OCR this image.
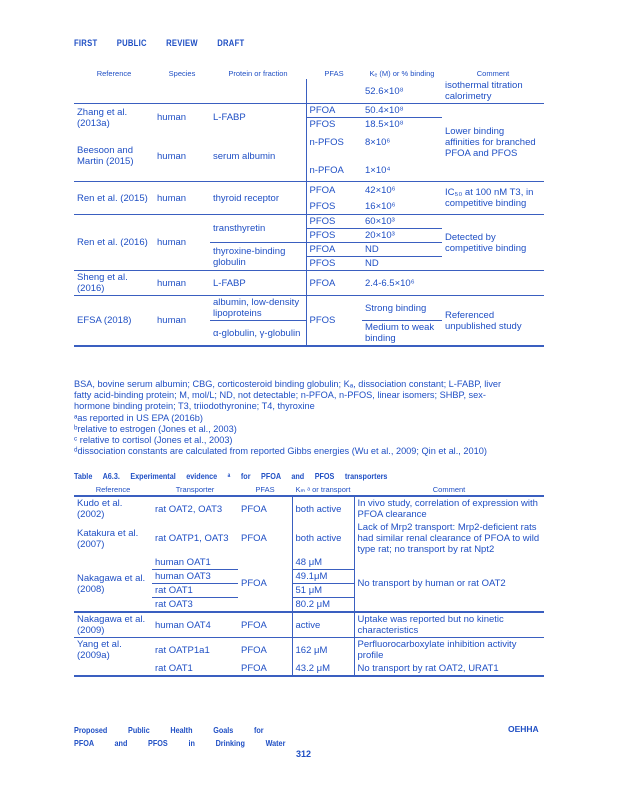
FIRST PUBLIC REVIEW DRAFT
Reference	Species	Protein or fraction	PFAS	Kₑ (M) or % binding	Comment
				52.6×10⁸	isothermal titration calorimetry
Zhang et al. (2013a)	human	L-FABP	PFOA	50.4×10⁸	Lower binding affinities for branched PFOA and PFOS
			PFOS	18.5×10⁸	
Beesoon and Martin (2015)	human	serum albumin	n-PFOS	8×10⁶	

			n-PFOA	1×10⁴	
Ren et al. (2015)	human	thyroid receptor	PFOA	42×10⁶	IC₅₀ at 100 nM T3, in competitive binding
			PFOS	16×10⁶	
Ren et al. (2016)	human	transthyretin	PFOS	60×10³	Detected by competitive binding
			PFOS	20×10³	
		thyroxine-binding globulin	PFOA	ND	
			PFOS	ND	
Sheng et al. (2016)	human	L-FABP	PFOA	2.4-6.5×10⁶	
EFSA (2018)	human	albumin, low-density lipoproteins	PFOS	Strong binding	Referenced unpublished study
		α-globulin, γ-globulin		Medium to weak binding	

BSA, bovine serum albumin; CBG, corticosteroid binding globulin; Kₐ, dissociation constant; L-FABP, liver
fatty acid-binding protein; M, mol/L; ND, not detectable; n-PFOA, n-PFOS, linear isomers; SHBP, sex-
hormone binding protein; T3, triiodothyronine; T4, thyroxine
ᵃas reported in US EPA (2016b)
ᵇrelative to estrogen (Jones et al., 2003)
ᶜ relative to cortisol (Jones et al., 2003)
ᵈdissociation constants are calculated from reported Gibbs energies (Wu et al., 2009; Qin et al., 2010)
Table A6.3. Experimental evidence ᵃ for PFOA and PFOS transporters
Reference	Transporter	PFAS	Kₘ ᵃ or transport	Comment
Kudo et al. (2002)	rat OAT2, OAT3	PFOA	both active	In vivo study, correlation of expression with PFOA clearance
Katakura et al. (2007)	rat OATP1, OAT3	PFOA	both active	Lack of Mrp2 transport: Mrp2-deficient rats had similar renal clearance of PFOA to wild type rat; no transport by rat Npt2
Nakagawa et al. (2008)	human OAT1	PFOA	48 μM	No transport by human or rat OAT2
	human OAT3		49.1μM	
	rat OAT1		51 μM	
	rat OAT3		80.2 μM	
Nakagawa et al. (2009)	human OAT4	PFOA	active	Uptake was reported but no kinetic characteristics
Yang et al. (2009a)	rat OATP1a1	PFOA	162 μM	Perfluorocarboxylate inhibition activity profile
	rat OAT1	PFOA	43.2 μM	No transport by rat OAT2, URAT1

Proposed Public Health Goals for
PFOA and PFOS in Drinking Water
OEHHA
312
